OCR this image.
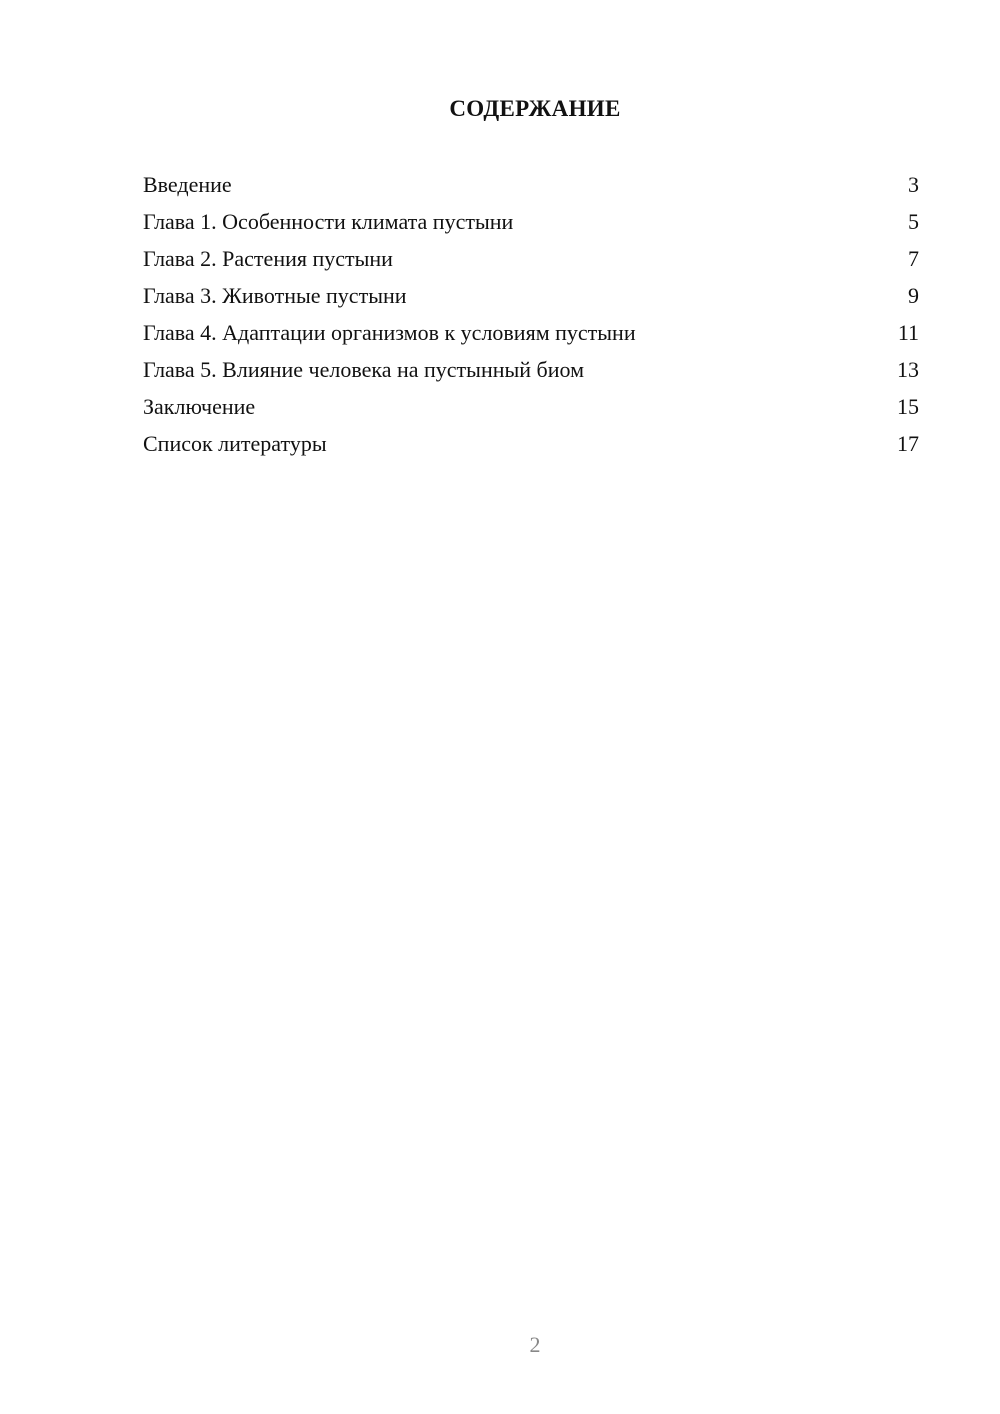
СОДЕРЖАНИЕ
Введение	3
Глава 1. Особенности климата пустыни	5
Глава 2. Растения пустыни	7
Глава 3. Животные пустыни	9
Глава 4. Адаптации организмов к условиям пустыни	11
Глава 5. Влияние человека на пустынный биом	13
Заключение	15
Список литературы	17
2
